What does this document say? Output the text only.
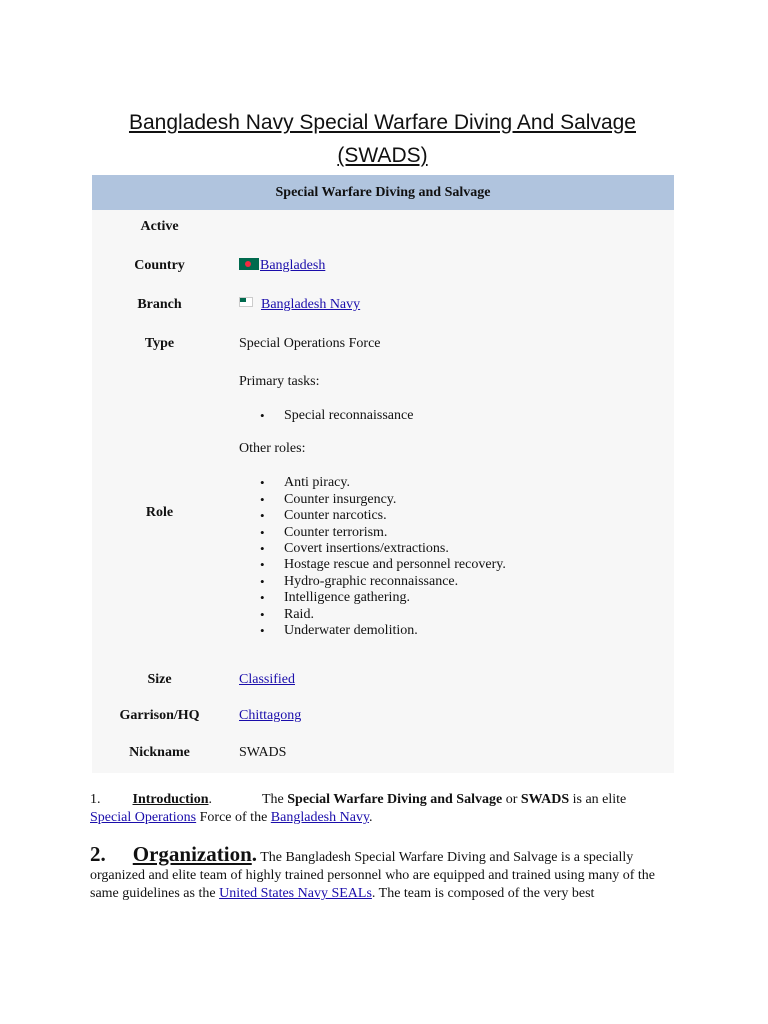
Bangladesh Navy Special Warfare Diving And Salvage
(SWADS)
Special Warfare Diving and Salvage
Active
Country	Bangladesh
Branch	Bangladesh Navy
Type	Special Operations Force
Role
Primary tasks:
• Special reconnaissance
Other roles:
• Anti piracy.
• Counter insurgency.
• Counter narcotics.
• Counter terrorism.
• Covert insertions/extractions.
• Hostage rescue and personnel recovery.
• Hydro-graphic reconnaissance.
• Intelligence gathering.
• Raid.
• Underwater demolition.
Size	Classified
Garrison/HQ	Chittagong
Nickname	SWADS
1. Introduction.	The Special Warfare Diving and Salvage or SWADS is an elite
Special Operations Force of the Bangladesh Navy.
2. Organization. The Bangladesh Special Warfare Diving and Salvage is a specially organized and elite team of highly trained personnel who are equipped and trained using many of the same guidelines as the United States Navy SEALs. The team is composed of the very best
